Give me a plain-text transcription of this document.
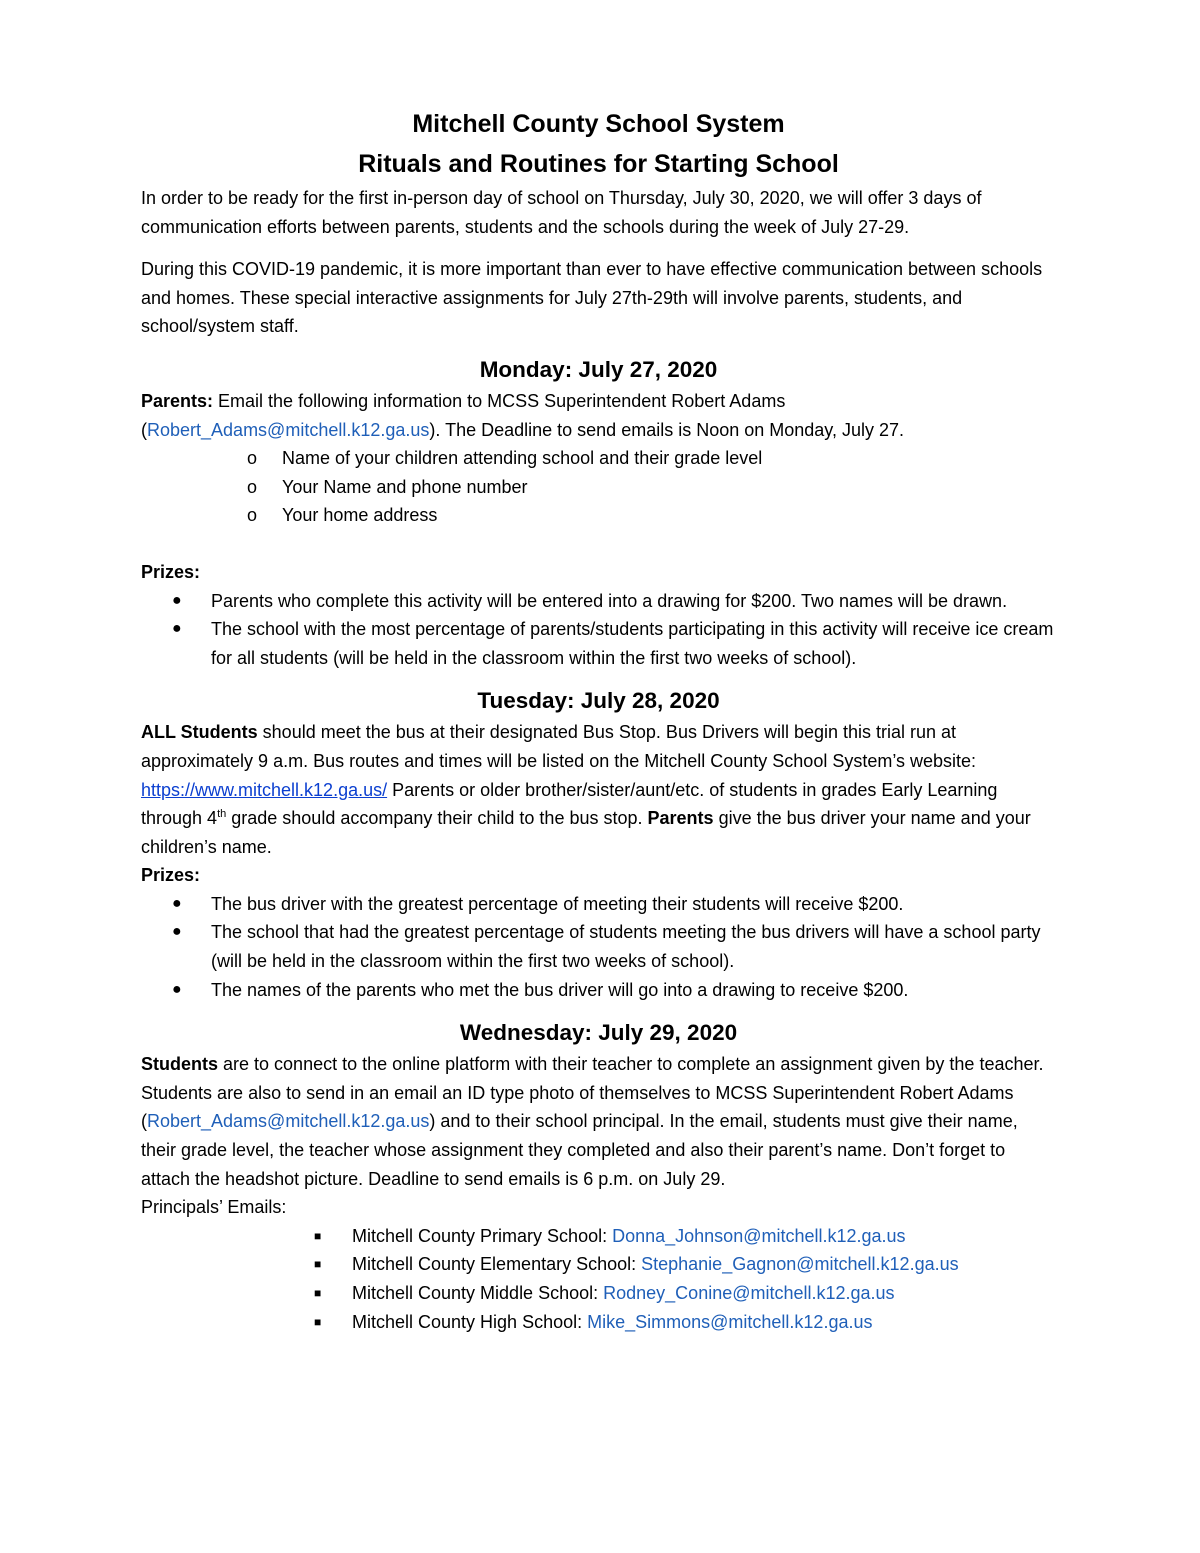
Mitchell County School System
Rituals and Routines for Starting School

In order to be ready for the first in-person day of school on Thursday, July 30, 2020, we will offer 3 days of communication efforts between parents, students and the schools during the week of July 27-29.

During this COVID-19 pandemic, it is more important than ever to have effective communication between schools and homes. These special interactive assignments for July 27th-29th will involve parents, students, and school/system staff.

Monday: July 27, 2020

Parents: Email the following information to MCSS Superintendent Robert Adams (Robert_Adams@mitchell.k12.ga.us). The Deadline to send emails is Noon on Monday, July 27.

o Name of your children attending school and their grade level
o Your Name and phone number
o Your home address

Prizes:

● Parents who complete this activity will be entered into a drawing for $200. Two names will be drawn.
● The school with the most percentage of parents/students participating in this activity will receive ice cream for all students (will be held in the classroom within the first two weeks of school).
Tuesday: July 28, 2020

ALL Students should meet the bus at their designated Bus Stop. Bus Drivers will begin this trial run at approximately 9 a.m. Bus routes and times will be listed on the Mitchell County School System’s website: https://www.mitchell.k12.ga.us/ Parents or older brother/sister/aunt/etc. of students in grades Early Learning through 4th grade should accompany their child to the bus stop. Parents give the bus driver your name and your children’s name.

Prizes:

● The bus driver with the greatest percentage of meeting their students will receive $200.
● The school that had the greatest percentage of students meeting the bus drivers will have a school party (will be held in the classroom within the first two weeks of school).
● The names of the parents who met the bus driver will go into a drawing to receive $200.
Wednesday: July 29, 2020

Students are to connect to the online platform with their teacher to complete an assignment given by the teacher. Students are also to send in an email an ID type photo of themselves to MCSS Superintendent Robert Adams (Robert_Adams@mitchell.k12.ga.us) and to their school principal. In the email, students must give their name, their grade level, the teacher whose assignment they completed and also their parent’s name. Don’t forget to attach the headshot picture. Deadline to send emails is 6 p.m. on July 29.

Principals’ Emails:

■ Mitchell County Primary School: Donna_Johnson@mitchell.k12.ga.us
■ Mitchell County Elementary School: Stephanie_Gagnon@mitchell.k12.ga.us
■ Mitchell County Middle School: Rodney_Conine@mitchell.k12.ga.us
■ Mitchell County High School: Mike_Simmons@mitchell.k12.ga.us
